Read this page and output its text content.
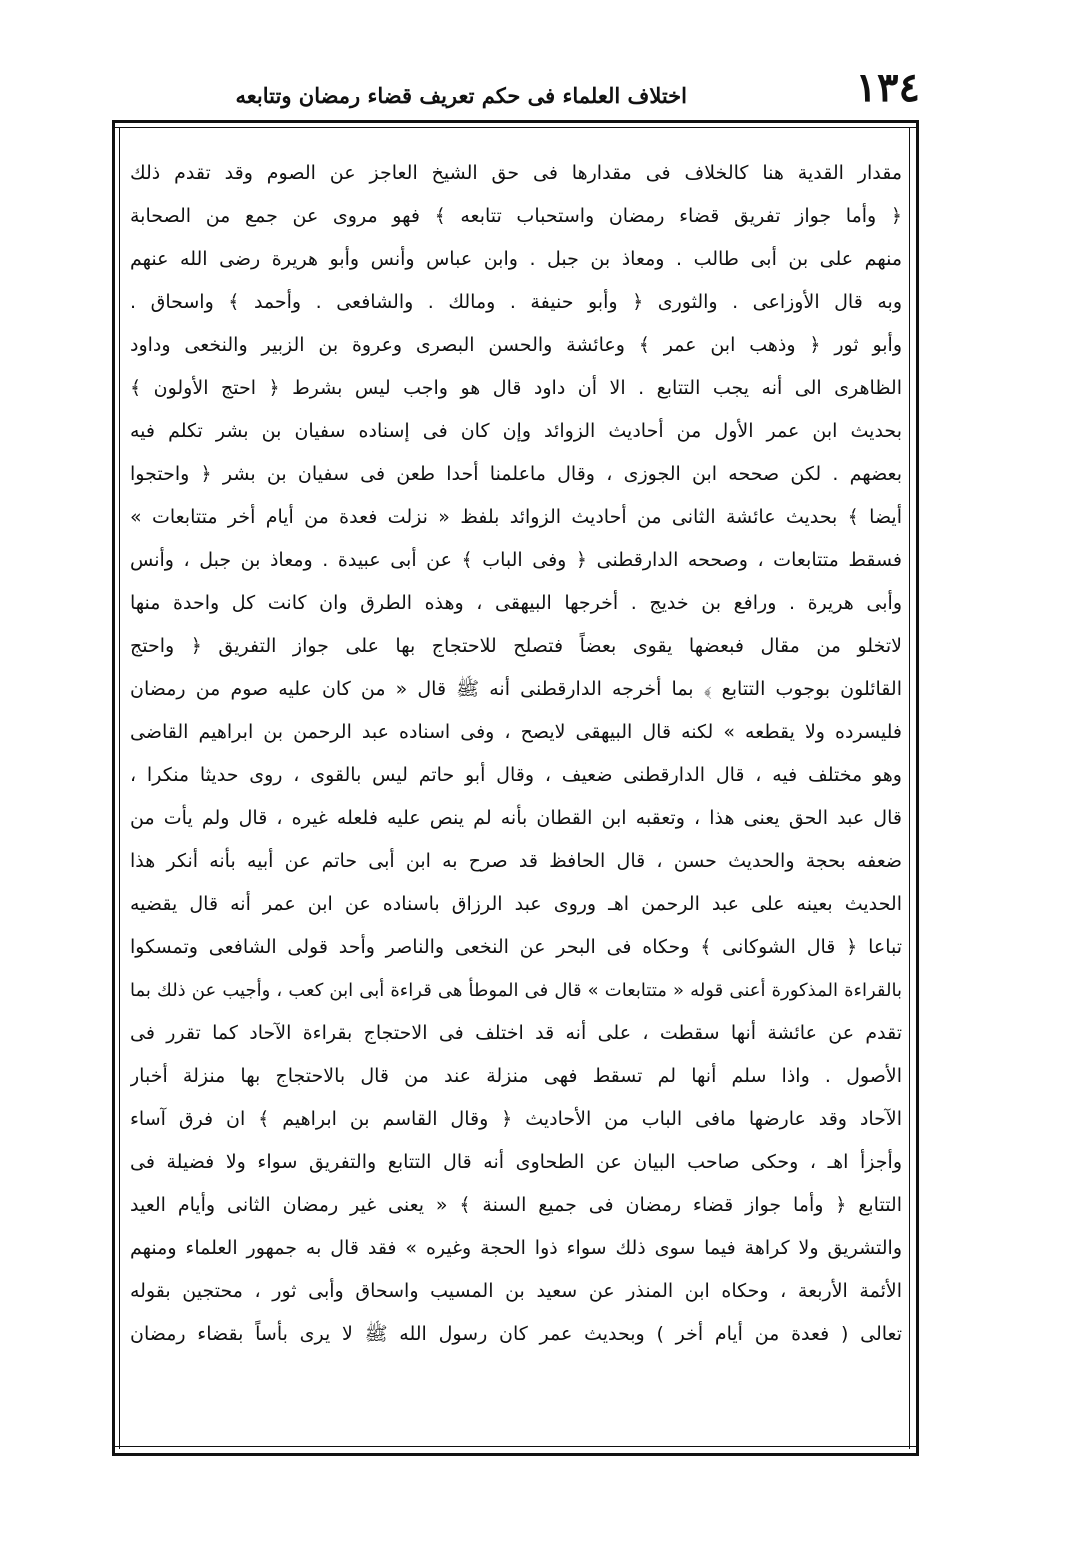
١٣٤
اختلاف العلماء فى حكم تعريف قضاء رمضان وتتابعه
مقدار القدية هنا كالخلاف فى مقدارها فى حق الشيخ العاجز عن الصوم وقد تقدم ذلك
﴿ وأما جواز تفريق قضاء رمضان واستحباب تتابعه ﴾ فهو مروى عن جمع من الصحابة
منهم على بن أبى طالب . ومعاذ بن جبل . وابن عباس وأنس وأبو هريرة رضى الله عنهم
وبه قال الأوزاعى . والثورى ﴿ وأبو حنيفة . ومالك . والشافعى . وأحمد ﴾ واسحاق .
وأبو ثور ﴿ وذهب ابن عمر ﴾ وعائشة والحسن البصرى وعروة بن الزبير والنخعى وداود
الظاهرى الى أنه يجب التتابع . الا أن داود قال هو واجب ليس بشرط ﴿ احتج الأولون ﴾
بحديث ابن عمر الأول من أحاديث الزوائد وإن كان فى إسناده سفيان بن بشر تكلم فيه
بعضهم . لكن صححه ابن الجوزى ، وقال ماعلمنا أحدا طعن فى سفيان بن بشر ﴿ واحتجوا
أيضا ﴾ بحديث عائشة الثانى من أحاديث الزوائد بلفظ « نزلت فعدة من أيام أخر متتابعات »
فسقط متتابعات ، وصححه الدارقطنى ﴿ وفى الباب ﴾ عن أبى عبيدة . ومعاذ بن جبل ، وأنس
وأبى هريرة . ورافع بن خديج . أخرجها البيهقى ، وهذه الطرق وان كانت كل واحدة منها
لاتخلو من مقال فبعضها يقوى بعضاً فتصلح للاحتجاج بها على جواز التفريق ﴿ واحتج
القائلون بوجوب التتابع ﴾ بما أخرجه الدارقطنى أنه ﷺ قال « من كان عليه صوم من رمضان
فليسرده ولا يقطعه » لكنه قال البيهقى لايصح ، وفى اسناده عبد الرحمن بن ابراهيم القاضى
وهو مختلف فيه ، قال الدارقطنى ضعيف ، وقال أبو حاتم ليس بالقوى ، روى حديثا منكرا ،
قال عبد الحق يعنى هذا ، وتعقبه ابن القطان بأنه لم ينص عليه فلعله غيره ، قال ولم يأت من
ضعفه بحجة والحديث حسن ، قال الحافظ قد صرح به ابن أبى حاتم عن أبيه بأنه أنكر هذا
الحديث بعينه على عبد الرحمن اهـ وروى عبد الرزاق باسناده عن ابن عمر أنه قال يقضيه
تباعا ﴿ قال الشوكانى ﴾ وحكاه فى البحر عن النخعى والناصر وأحد قولى الشافعى وتمسكوا
بالقراءة المذكورة أعنى قوله « متتابعات » قال فى الموطأ هى قراءة أبى ابن كعب ، وأجيب عن ذلك بما
تقدم عن عائشة أنها سقطت ، على أنه قد اختلف فى الاحتجاج بقراءة الآحاد كما تقرر فى
الأصول . واذا سلم أنها لم تسقط فهى منزلة عند من قال بالاحتجاج بها منزلة أخبار
الآحاد وقد عارضها مافى الباب من الأحاديث ﴿ وقال القاسم بن ابراهيم ﴾ ان فرق آساء
وأجزأ اهـ ، وحكى صاحب البيان عن الطحاوى أنه قال التتابع والتفريق سواء ولا فضيلة فى
التتابع ﴿ وأما جواز قضاء رمضان فى جميع السنة ﴾ « يعنى غير رمضان الثانى وأيام العيد
والتشريق ولا كراهة فيما سوى ذلك سواء ذوا الحجة وغيره » فقد قال به جمهور العلماء ومنهم
الأئمة الأربعة ، وحكاه ابن المنذر عن سعيد بن المسيب واسحاق وأبى ثور ، محتجين بقوله
تعالى ( فعدة من أيام أخر ) وبحديث عمر كان رسول الله ﷺ لا يرى بأساً بقضاء رمضان
